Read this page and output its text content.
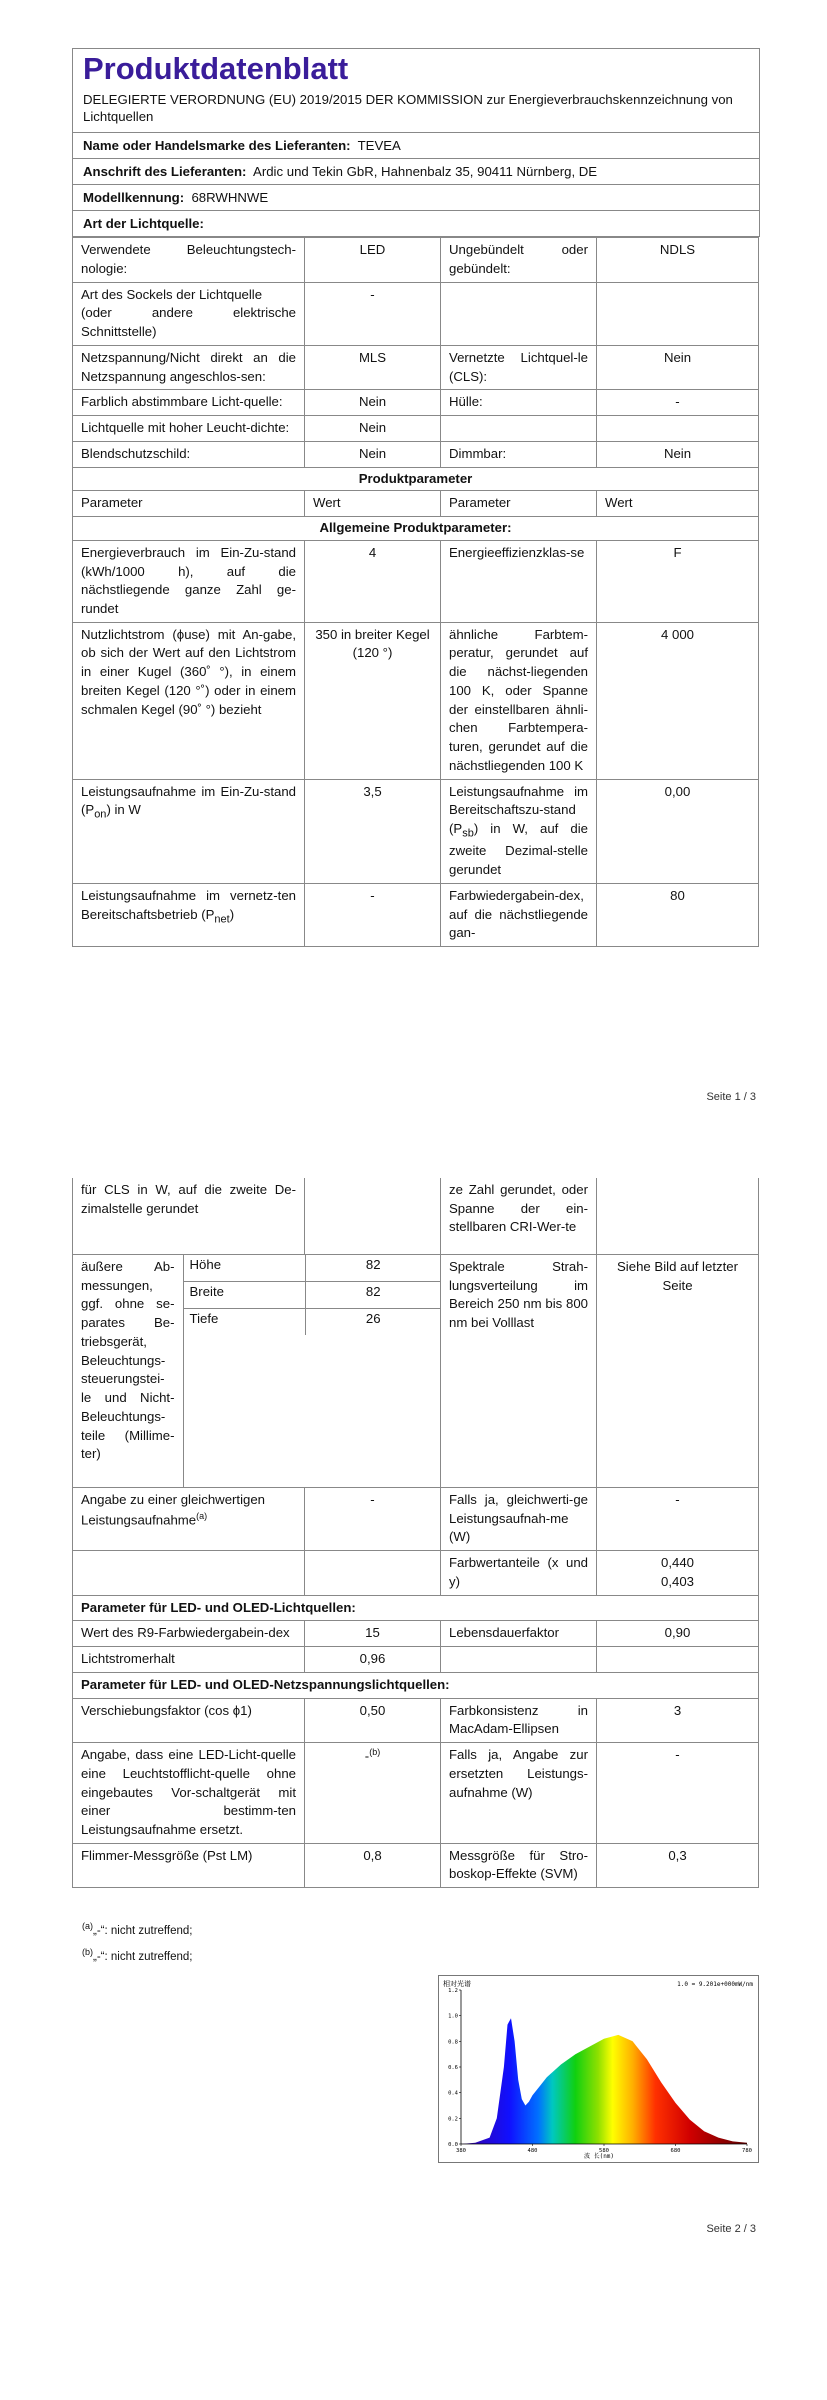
Produktdatenblatt
DELEGIERTE VERORDNUNG (EU) 2019/2015 DER KOMMISSION zur Energieverbrauchskennzeichnung von Lichtquellen
Name oder Handelsmarke des Lieferanten: TEVEA
Anschrift des Lieferanten: Ardic und Tekin GbR, Hahnenbalz 35, 90411 Nürnberg, DE
Modellkennung: 68RWHNWE
Art der Lichtquelle:
Verwendete Beleuchtungstech-nologie:	LED	Ungebündelt oder gebündelt:	NDLS

Art des Sockels der Lichtquelle
(oder andere elektrische Schnittstelle)	-		
Netzspannung/Nicht direkt an die Netzspannung angeschlos-sen:	MLS	Vernetzte Lichtquel-le (CLS):	Nein
Farblich abstimmbare Licht-quelle:	Nein	Hülle:	-
Lichtquelle mit hoher Leucht-dichte:	Nein		
Blendschutzschild:	Nein	Dimmbar:	Nein
Produktparameter			
Parameter	Wert	Parameter	Wert
Allgemeine Produktparameter:			
Energieverbrauch im Ein-Zu-stand (kWh/1000 h), auf die nächstliegende ganze Zahl ge-rundet	4	Energieeffizienzklas-se	F
Nutzlichtstrom (ϕuse) mit An-gabe, ob sich der Wert auf den Lichtstrom in einer Kugel (360˚ °), in einem breiten Kegel (120 °˚) oder in einem schmalen Kegel (90˚ °) bezieht	350 in breiter Kegel (120 °)	ähnliche Farbtem-peratur, gerundet auf die nächst-liegenden 100 K, oder Spanne der einstellbaren ähnli-chen Farbtempera-turen, gerundet auf die nächstliegenden 100 K	4 000
Leistungsaufnahme im Ein-Zu-stand $(P_{on})$ in W	3,5	Leistungsaufnahme im Bereitschaftszu-stand $(P_{sb})$ in W, auf die zweite Dezimal-stelle gerundet	0,00
Leistungsaufnahme im vernetz-ten Bereitschaftsbetrieb $(P_{net})$	-	Farbwiedergabein-dex, auf die nächstliegende gan-	80
Seite 1 / 3
für CLS in W, auf die zweite De-zimalstelle gerundet		ze Zahl gerundet, oder Spanne der ein-stellbaren CRI-Wer-te	

äußere Ab-messungen, ggf. ohne se-parates Be-triebsgerät, Beleuchtungs-steuerungstei-le und Nicht-Beleuchtungs-teile (Millime-ter)	Höhe	82
Breite	82
Tiefe	26

	Spektrale Strah-lungsverteilung im Bereich 250 nm bis 800 nm bei Volllast	Siehe Bild auf letzter Seite
Angabe zu einer gleichwertigen Leistungsaufnahme$^{(a)}$	-	Falls ja, gleichwerti-ge Leistungsaufnah-me (W)	-
		Farbwertanteile (x und y)	
0,440
0,403

Parameter für LED- und OLED-Lichtquellen:
Wert des R9-Farbwiedergabein-dex	15	Lebensdauerfaktor	0,90
Lichtstromerhalt	0,96		
Parameter für LED- und OLED-Netzspannungslichtquellen:
Verschiebungsfaktor (cos ϕ1)	0,50	Farbkonsistenz in MacAdam-Ellipsen	3
Angabe, dass eine LED-Licht-quelle eine Leuchtstofflicht-quelle ohne eingebautes Vor-schaltgerät mit einer bestimm-ten Leistungsaufnahme ersetzt.	-$^{(b)}$	Falls ja, Angabe zur ersetzten Leistungs-aufnahme (W)	-
Flimmer-Messgröße (Pst LM)	0,8	Messgröße für Stro-boskop-Effekte (SVM)	0,3
$^{(a)}$„-“: nicht zutreffend;
$^{(b)}$„-“: nicht zutreffend;
相对光谱	1.0 = 9.201e+000mW/nm
0.0
0.2
0.4
0.6
0.8
1.0
1.2
380	480	580	680	780
波 长(nm)
Seite 2 / 3
